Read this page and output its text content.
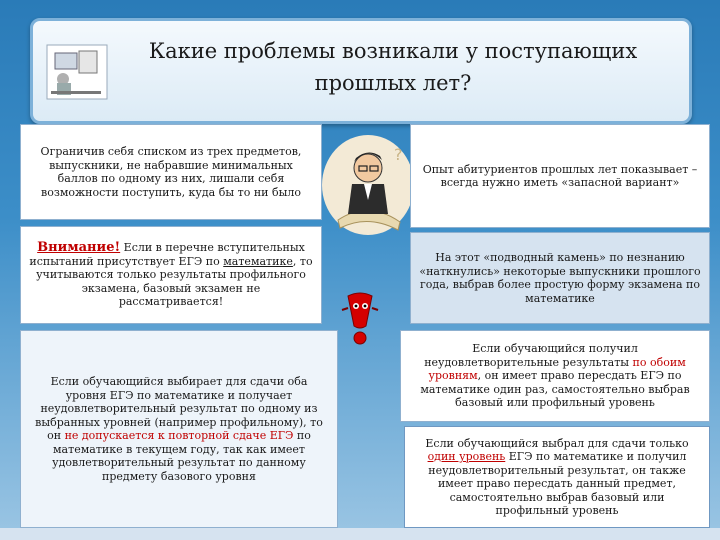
Какие проблемы возникали у поступающих
прошлых лет?
Ограничив себя списком из трех предметов, выпускники, не набравшие минимальных баллов по одному из них, лишали себя возможности поступить, куда бы то ни было
Внимание! Если в перечне вступительных испытаний присутствует ЕГЭ по математике, то учитываются только результаты профильного экзамена, базовый экзамен не рассматривается!
Если обучающийся выбирает для сдачи оба уровня ЕГЭ по математике и получает неудовлетворительный результат по одному из выбранных уровней (например профильному), то он не допускается к повторной сдаче ЕГЭ по математике в текущем году, так как имеет удовлетворительный результат по данному предмету базового уровня
?
Опыт абитуриентов прошлых лет показывает – всегда нужно иметь «запасной вариант»
На этот «подводный камень» по незнанию «наткнулись» некоторые выпускники прошлого года, выбрав более простую форму экзамена по математике
Если обучающийся получил неудовлетворительные результаты по обоим уровням, он имеет право пересдать ЕГЭ по математике один раз, самостоятельно выбрав базовый или профильный уровень
Если обучающийся выбрал для сдачи только один уровень ЕГЭ по математике и получил неудовлетворительный результат, он также имеет право пересдать данный предмет, самостоятельно выбрав базовый или профильный уровень
